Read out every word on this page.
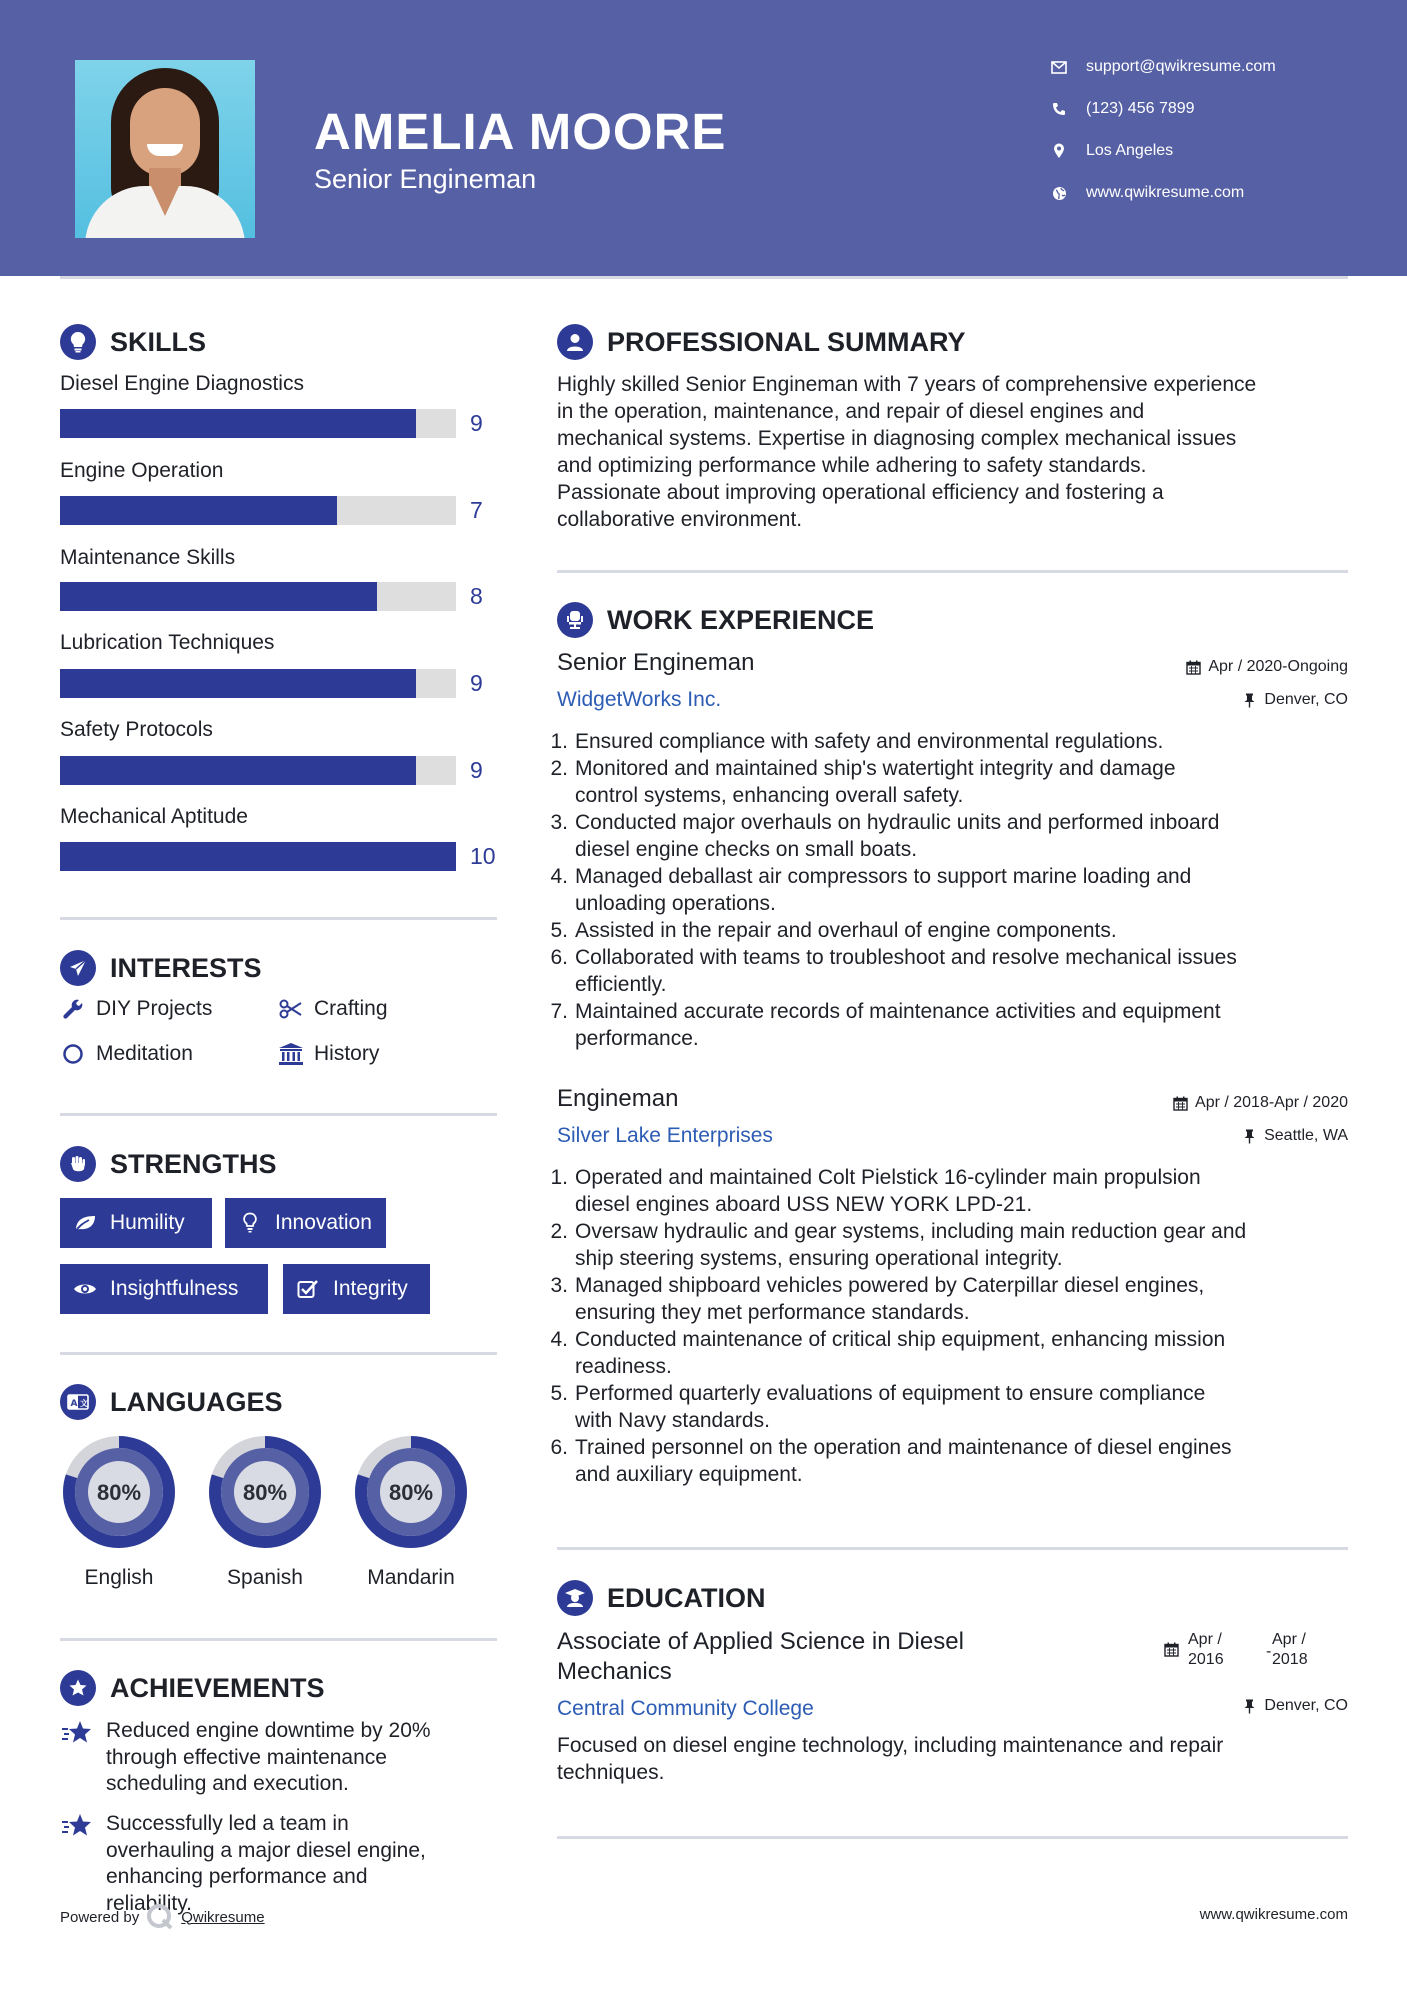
AMELIA MOORE
Senior Engineman
support@qwikresume.com
(123) 456 7899
Los Angeles
www.qwikresume.com
SKILLS
Diesel Engine Diagnostics
9
Engine Operation
7
Maintenance Skills
8
Lubrication Techniques
9
Safety Protocols
9
Mechanical Aptitude
10
INTERESTS
DIY Projects	Crafting
Meditation	History
STRENGTHS
Humility	Innovation
Insightfulness	Integrity
A 文 LANGUAGES
80%
English
80%
Spanish
80%
Mandarin
ACHIEVEMENTS
Reduced engine downtime by 20%
through effective maintenance
scheduling and execution.
Successfully led a team in
overhauling a major diesel engine,
enhancing performance and
reliability.
PROFESSIONAL SUMMARY
Highly skilled Senior Engineman with 7 years of comprehensive experience
in the operation, maintenance, and repair of diesel engines and
mechanical systems. Expertise in diagnosing complex mechanical issues
and optimizing performance while adhering to safety standards.
Passionate about improving operational efficiency and fostering a
collaborative environment.
WORK EXPERIENCE
Senior Engineman	Apr / 2020-Ongoing
WidgetWorks Inc.	Denver, CO
1. Ensured compliance with safety and environmental regulations.
2. Monitored and maintained ship's watertight integrity and damage
control systems, enhancing overall safety.
3. Conducted major overhauls on hydraulic units and performed inboard
diesel engine checks on small boats.
4. Managed deballast air compressors to support marine loading and
unloading operations.
5. Assisted in the repair and overhaul of engine components.
6. Collaborated with teams to troubleshoot and resolve mechanical issues
efficiently.
7. Maintained accurate records of maintenance activities and equipment
performance.
Engineman	Apr / 2018-Apr / 2020
Silver Lake Enterprises	Seattle, WA
1. Operated and maintained Colt Pielstick 16-cylinder main propulsion
diesel engines aboard USS NEW YORK LPD-21.
2. Oversaw hydraulic and gear systems, including main reduction gear and
ship steering systems, ensuring operational integrity.
3. Managed shipboard vehicles powered by Caterpillar diesel engines,
ensuring they met performance standards.
4. Conducted maintenance of critical ship equipment, enhancing mission
readiness.
5. Performed quarterly evaluations of equipment to ensure compliance
with Navy standards.
6. Trained personnel on the operation and maintenance of diesel engines
and auxiliary equipment.
EDUCATION
Associate of Applied Science in Diesel
Mechanics
Apr /
2016	-
Apr /
2018
Central Community College	Denver, CO
Focused on diesel engine technology, including maintenance and repair
techniques.
Powered by	Qwikresume	www.qwikresume.com
